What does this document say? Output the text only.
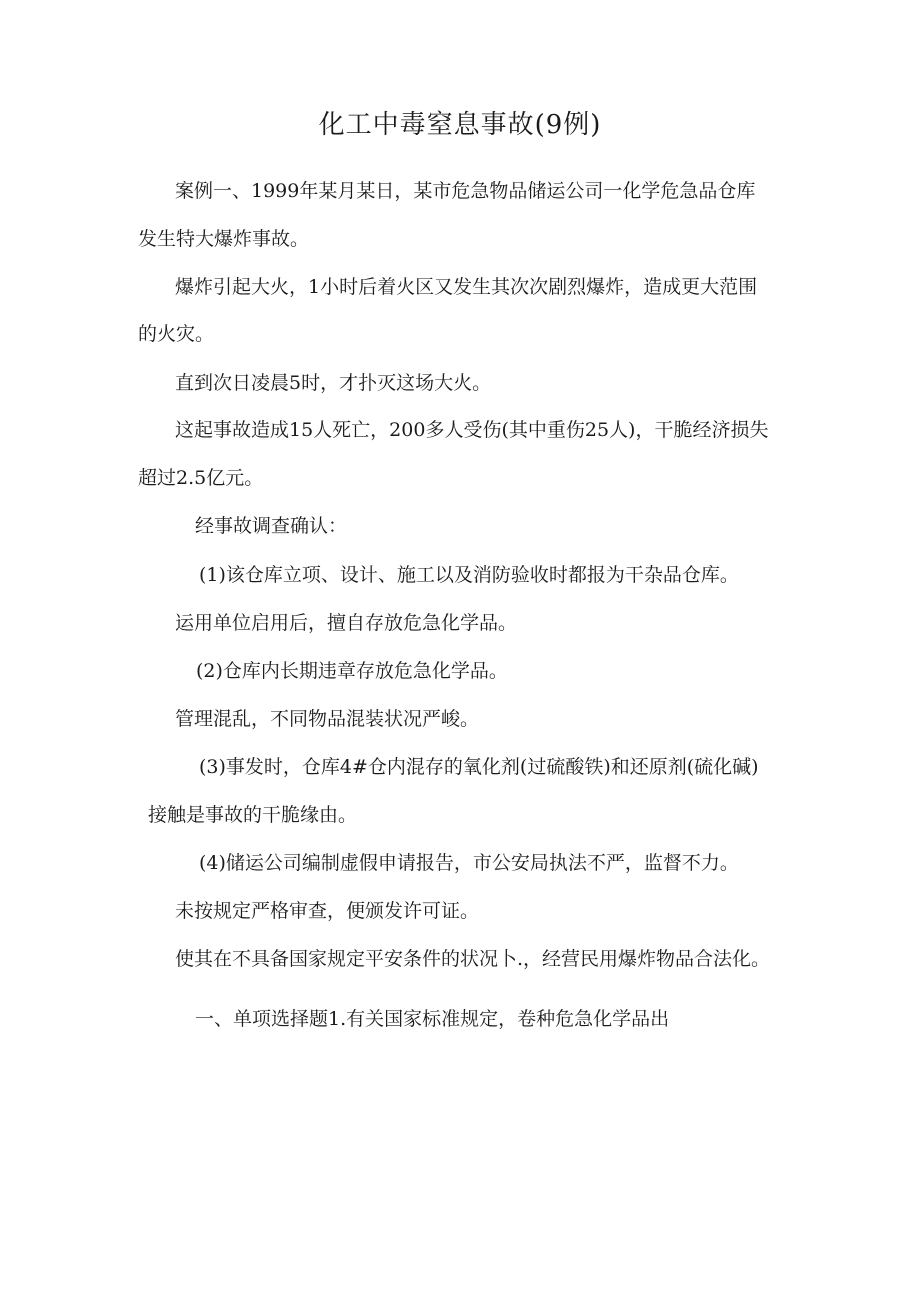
化工中毒窒息事故(9例)

案例一、1999年某月某日，某市危急物品储运公司一化学危急品仓库

发生特大爆炸事故。

爆炸引起大火，1小时后着火区又发生其次次剧烈爆炸，造成更大范围

的火灾。

直到次日凌晨5时，才扑灭这场大火。

这起事故造成15人死亡，200多人受伤(其中重伤25人)，干脆经济损失

超过2.5亿元。

经事故调查确认：

(1)该仓库立项、设计、施工以及消防验收时都报为干杂品仓库。

运用单位启用后，擅自存放危急化学品。

(2)仓库内长期违章存放危急化学品。

管理混乱，不同物品混装状况严峻。

(3)事发时，仓库4#仓内混存的氧化剂(过硫酸铁)和还原剂(硫化碱)

接触是事故的干脆缘由。

(4)储运公司编制虚假申请报告，市公安局执法不严，监督不力。

未按规定严格审查，便颁发许可证。

使其在不具备国家规定平安条件的状况卜.，经营民用爆炸物品合法化。

一、单项选择题1.有关国家标准规定，卷种危急化学品出
